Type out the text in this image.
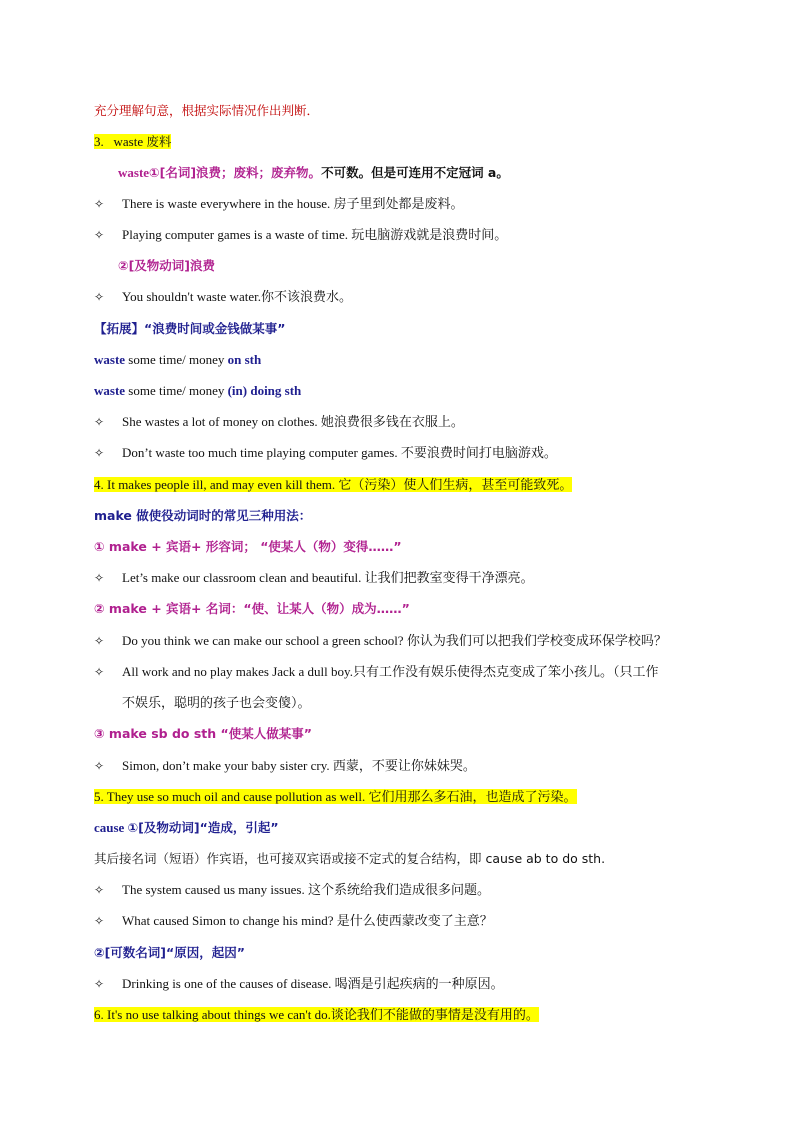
充分理解句意，根据实际情况作出判断．
3. waste 废料
waste①[名词]浪费；废料；废弃物。不可数。但是可连用不定冠词 a。
✧ There is waste everywhere in the house. 房子里到处都是废料。
✧ Playing computer games is a waste of time. 玩电脑游戏就是浪费时间。
②[及物动词]浪费
✧ You shouldn't waste water.你不该浪费水。
【拓展】“浪费时间或金钱做某事”
waste some time/ money on sth
waste some time/ money (in) doing sth
✧ She wastes a lot of money on clothes. 她浪费很多钱在衣服上。
✧ Don’t waste too much time playing computer games. 不要浪费时间打电脑游戏。
4. It makes people ill, and may even kill them. 它（污染）使人们生病，甚至可能致死。
make 做使役动词时的常见三种用法：
① make + 宾语+ 形容词； “使某人（物）变得……”
✧ Let’s make our classroom clean and beautiful. 让我们把教室变得干净漂亮。
② make + 宾语+ 名词：“使、让某人（物）成为……”
✧ Do you think we can make our school a green school? 你认为我们可以把我们学校变成环保学校吗？
✧ All work and no play makes Jack a dull boy.只有工作没有娱乐使得杰克变成了笨小孩儿。（只工作
不娱乐，聪明的孩子也会变傻）。
③ make sb do sth “使某人做某事”
✧ Simon, don’t make your baby sister cry. 西蒙，不要让你妹妹哭。
5. They use so much oil and cause pollution as well. 它们用那么多石油，也造成了污染。
cause ①[及物动词]“造成，引起”
其后接名词（短语）作宾语，也可接双宾语或接不定式的复合结构，即 cause ab to do sth.
✧ The system caused us many issues. 这个系统给我们造成很多问题。
✧ What caused Simon to change his mind? 是什么使西蒙改变了主意？
②[可数名词]“原因，起因”
✧ Drinking is one of the causes of disease. 喝酒是引起疾病的一种原因。
6. It's no use talking about things we can't do.谈论我们不能做的事情是没有用的。
